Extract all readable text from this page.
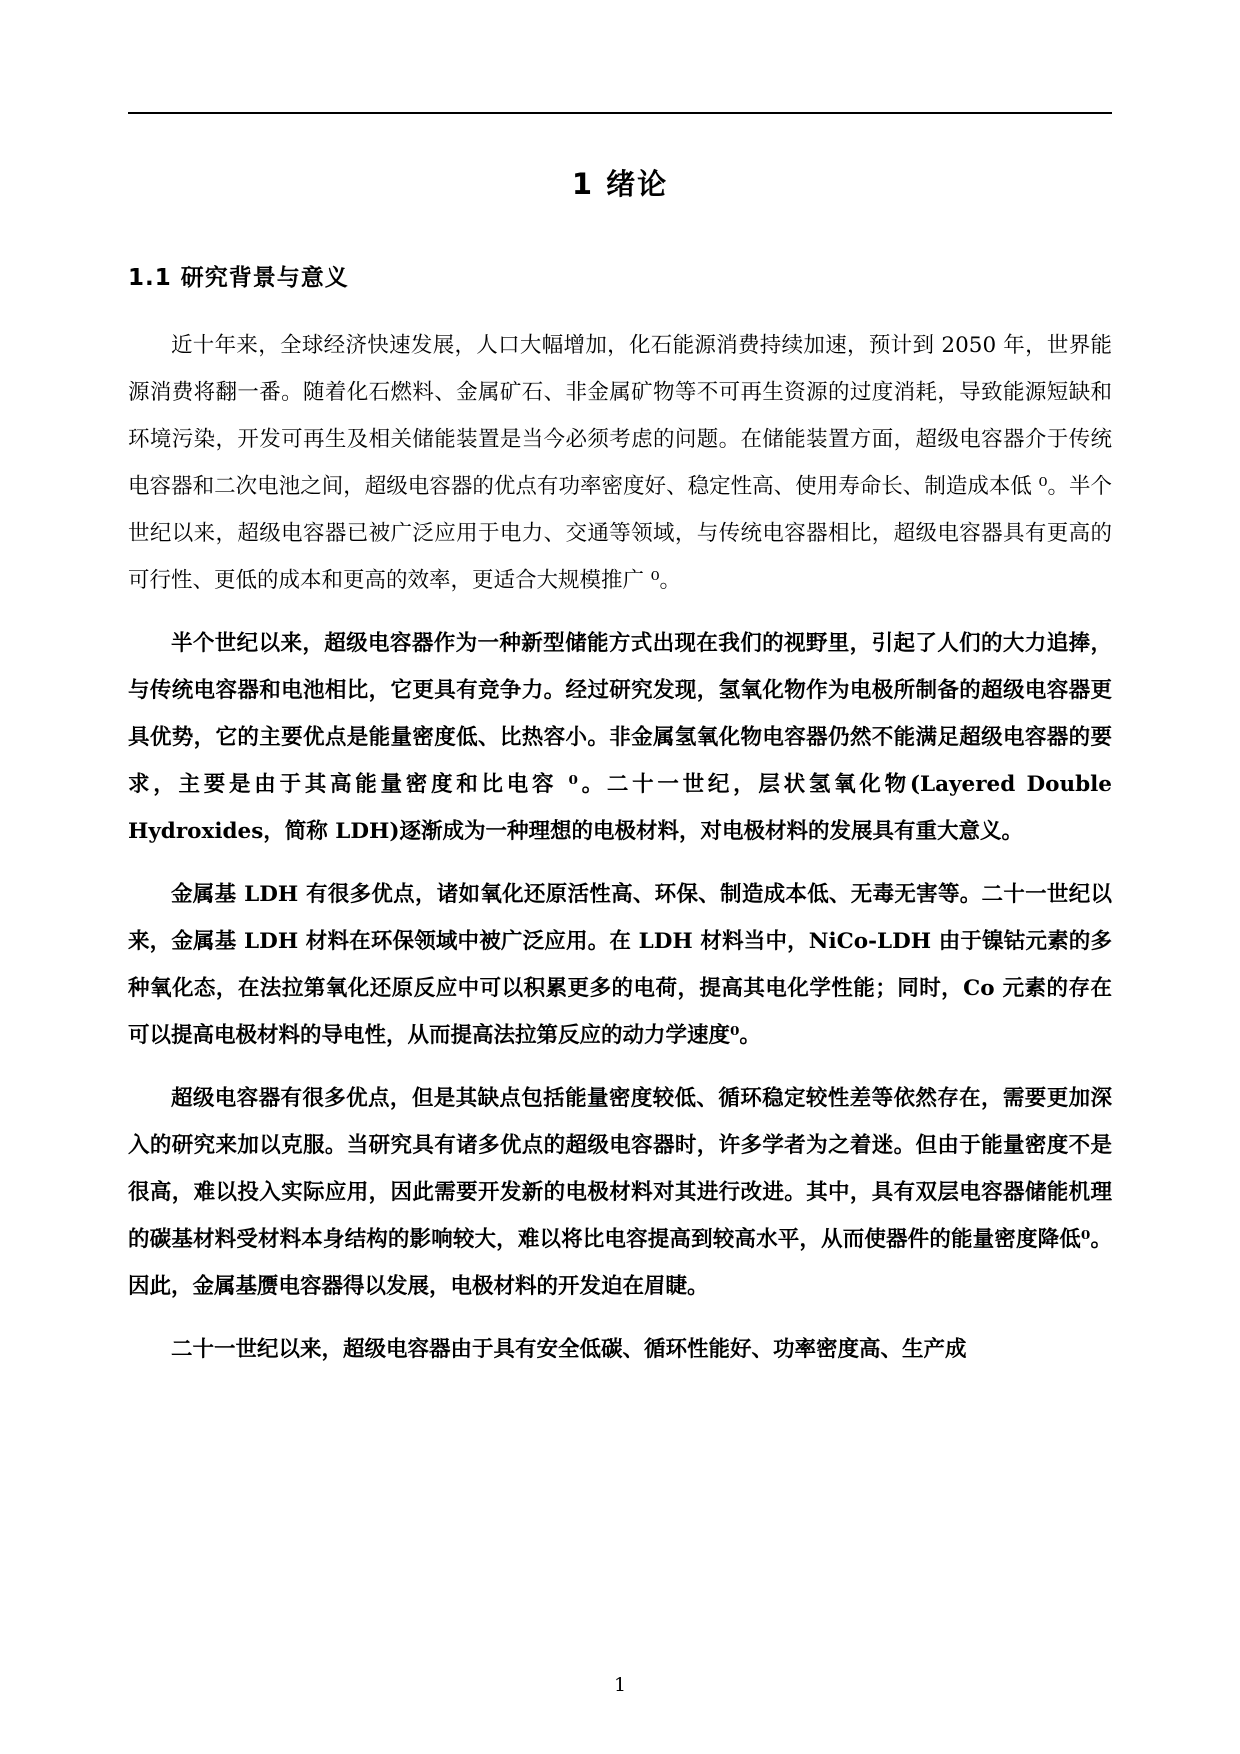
1 绪论
1.1 研究背景与意义

近十年来，全球经济快速发展，人口大幅增加，化石能源消费持续加速，预计到 2050 年，世界能源消费将翻一番。随着化石燃料、金属矿石、非金属矿物等不可再生资源的过度消耗，导致能源短缺和环境污染，开发可再生及相关储能装置是当今必须考虑的问题。在储能装置方面，超级电容器介于传统电容器和二次电池之间，超级电容器的优点有功率密度好、稳定性高、使用寿命长、制造成本低 ⁰。半个世纪以来，超级电容器已被广泛应用于电力、交通等领域，与传统电容器相比，超级电容器具有更高的可行性、更低的成本和更高的效率，更适合大规模推广 ⁰。

半个世纪以来，超级电容器作为一种新型储能方式出现在我们的视野里，引起了人们的大力追捧，与传统电容器和电池相比，它更具有竞争力。经过研究发现，氢氧化物作为电极所制备的超级电容器更具优势，它的主要优点是能量密度低、比热容小。非金属氢氧化物电容器仍然不能满足超级电容器的要求，主要是由于其高能量密度和比电容 ⁰。二十一世纪，层状氢氧化物(Layered Double Hydroxides，简称 LDH)逐渐成为一种理想的电极材料，对电极材料的发展具有重大意义。

金属基 LDH 有很多优点，诸如氧化还原活性高、环保、制造成本低、无毒无害等。二十一世纪以来，金属基 LDH 材料在环保领域中被广泛应用。在 LDH 材料当中，NiCo-LDH 由于镍钴元素的多种氧化态，在法拉第氧化还原反应中可以积累更多的电荷，提高其电化学性能；同时，Co 元素的存在可以提高电极材料的导电性，从而提高法拉第反应的动力学速度⁰。

超级电容器有很多优点，但是其缺点包括能量密度较低、循环稳定较性差等依然存在，需要更加深入的研究来加以克服。当研究具有诸多优点的超级电容器时，许多学者为之着迷。但由于能量密度不是很高，难以投入实际应用，因此需要开发新的电极材料对其进行改进。其中，具有双层电容器储能机理的碳基材料受材料本身结构的影响较大，难以将比电容提高到较高水平，从而使器件的能量密度降低⁰。因此，金属基赝电容器得以发展，电极材料的开发迫在眉睫。

二十一世纪以来，超级电容器由于具有安全低碳、循环性能好、功率密度高、生产成

1
